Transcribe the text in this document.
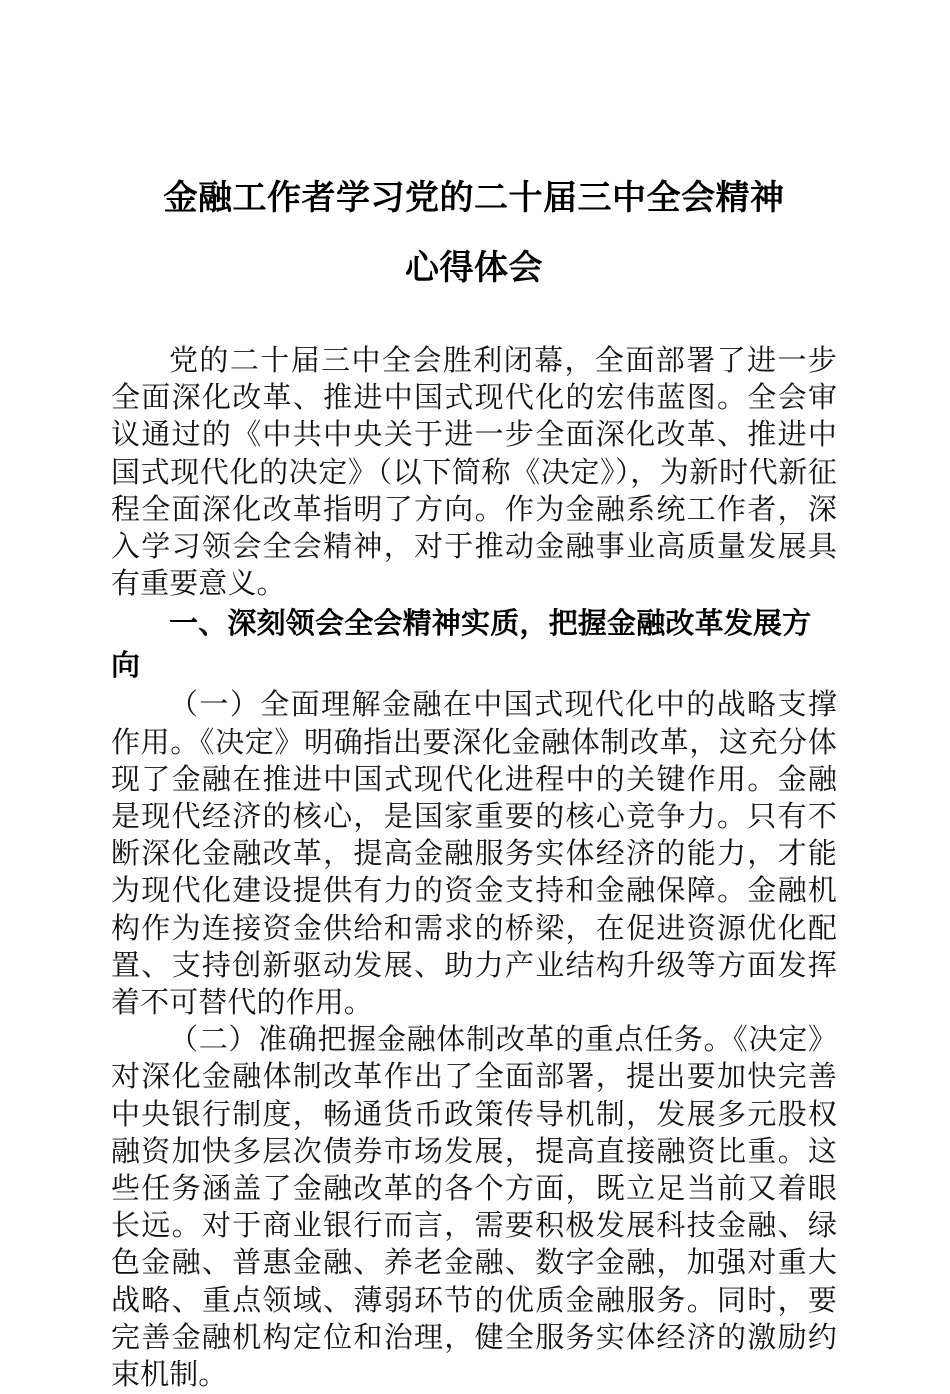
金融工作者学习党的二十届三中全会精神
心得体会

党的二十届三中全会胜利闭幕，全面部署了进一步全面深化改革、推进中国式现代化的宏伟蓝图。全会审议通过的《中共中央关于进一步全面深化改革、推进中国式现代化的决定》（以下简称《决定》），为新时代新征程全面深化改革指明了方向。作为金融系统工作者，深入学习领会全会精神，对于推动金融事业高质量发展具有重要意义。

一、深刻领会全会精神实质，把握金融改革发展方向

（一）全面理解金融在中国式现代化中的战略支撑作用。《决定》明确指出要深化金融体制改革，这充分体现了金融在推进中国式现代化进程中的关键作用。金融是现代经济的核心，是国家重要的核心竞争力。只有不断深化金融改革，提高金融服务实体经济的能力，才能为现代化建设提供有力的资金支持和金融保障。金融机构作为连接资金供给和需求的桥梁，在促进资源优化配置、支持创新驱动发展、助力产业结构升级等方面发挥着不可替代的作用。

（二）准确把握金融体制改革的重点任务。《决定》对深化金融体制改革作出了全面部署，提出要加快完善中央银行制度，畅通货币政策传导机制，发展多元股权融资加快多层次债券市场发展，提高直接融资比重。这些任务涵盖了金融改革的各个方面，既立足当前又着眼长远。对于商业银行而言，需要积极发展科技金融、绿色金融、普惠金融、养老金融、数字金融，加强对重大战略、重点领域、薄弱环节的优质金融服务。同时，要完善金融机构定位和治理，健全服务实体经济的激励约束机制。
